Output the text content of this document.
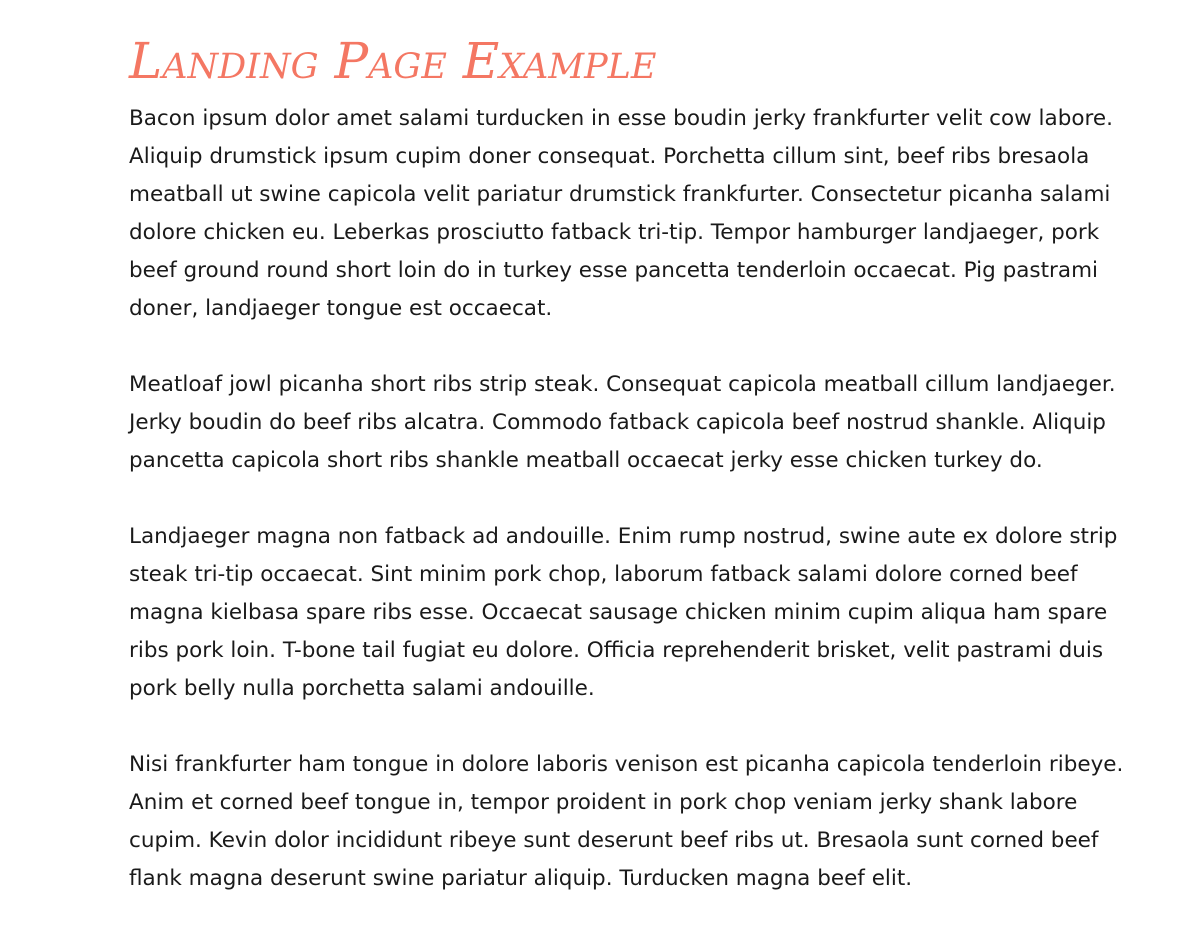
Landing Page Example

Bacon ipsum dolor amet salami turducken in esse boudin jerky frankfurter velit cow labore. Aliquip drumstick ipsum cupim doner consequat. Porchetta cillum sint, beef ribs bresaola meatball ut swine capicola velit pariatur drumstick frankfurter. Consectetur picanha salami dolore chicken eu. Leberkas prosciutto fatback tri-tip. Tempor hamburger landjaeger, pork beef ground round short loin do in turkey esse pancetta tenderloin occaecat. Pig pastrami doner, landjaeger tongue est occaecat.

Meatloaf jowl picanha short ribs strip steak. Consequat capicola meatball cillum landjaeger. Jerky boudin do beef ribs alcatra. Commodo fatback capicola beef nostrud shankle. Aliquip pancetta capicola short ribs shankle meatball occaecat jerky esse chicken turkey do.

Landjaeger magna non fatback ad andouille. Enim rump nostrud, swine aute ex dolore strip steak tri-tip occaecat. Sint minim pork chop, laborum fatback salami dolore corned beef magna kielbasa spare ribs esse. Occaecat sausage chicken minim cupim aliqua ham spare ribs pork loin. T-bone tail fugiat eu dolore. Officia reprehenderit brisket, velit pastrami duis pork belly nulla porchetta salami andouille.

Nisi frankfurter ham tongue in dolore laboris venison est picanha capicola tenderloin ribeye. Anim et corned beef tongue in, tempor proident in pork chop veniam jerky shank labore cupim. Kevin dolor incididunt ribeye sunt deserunt beef ribs ut. Bresaola sunt corned beef flank magna deserunt swine pariatur aliquip. Turducken magna beef elit.
